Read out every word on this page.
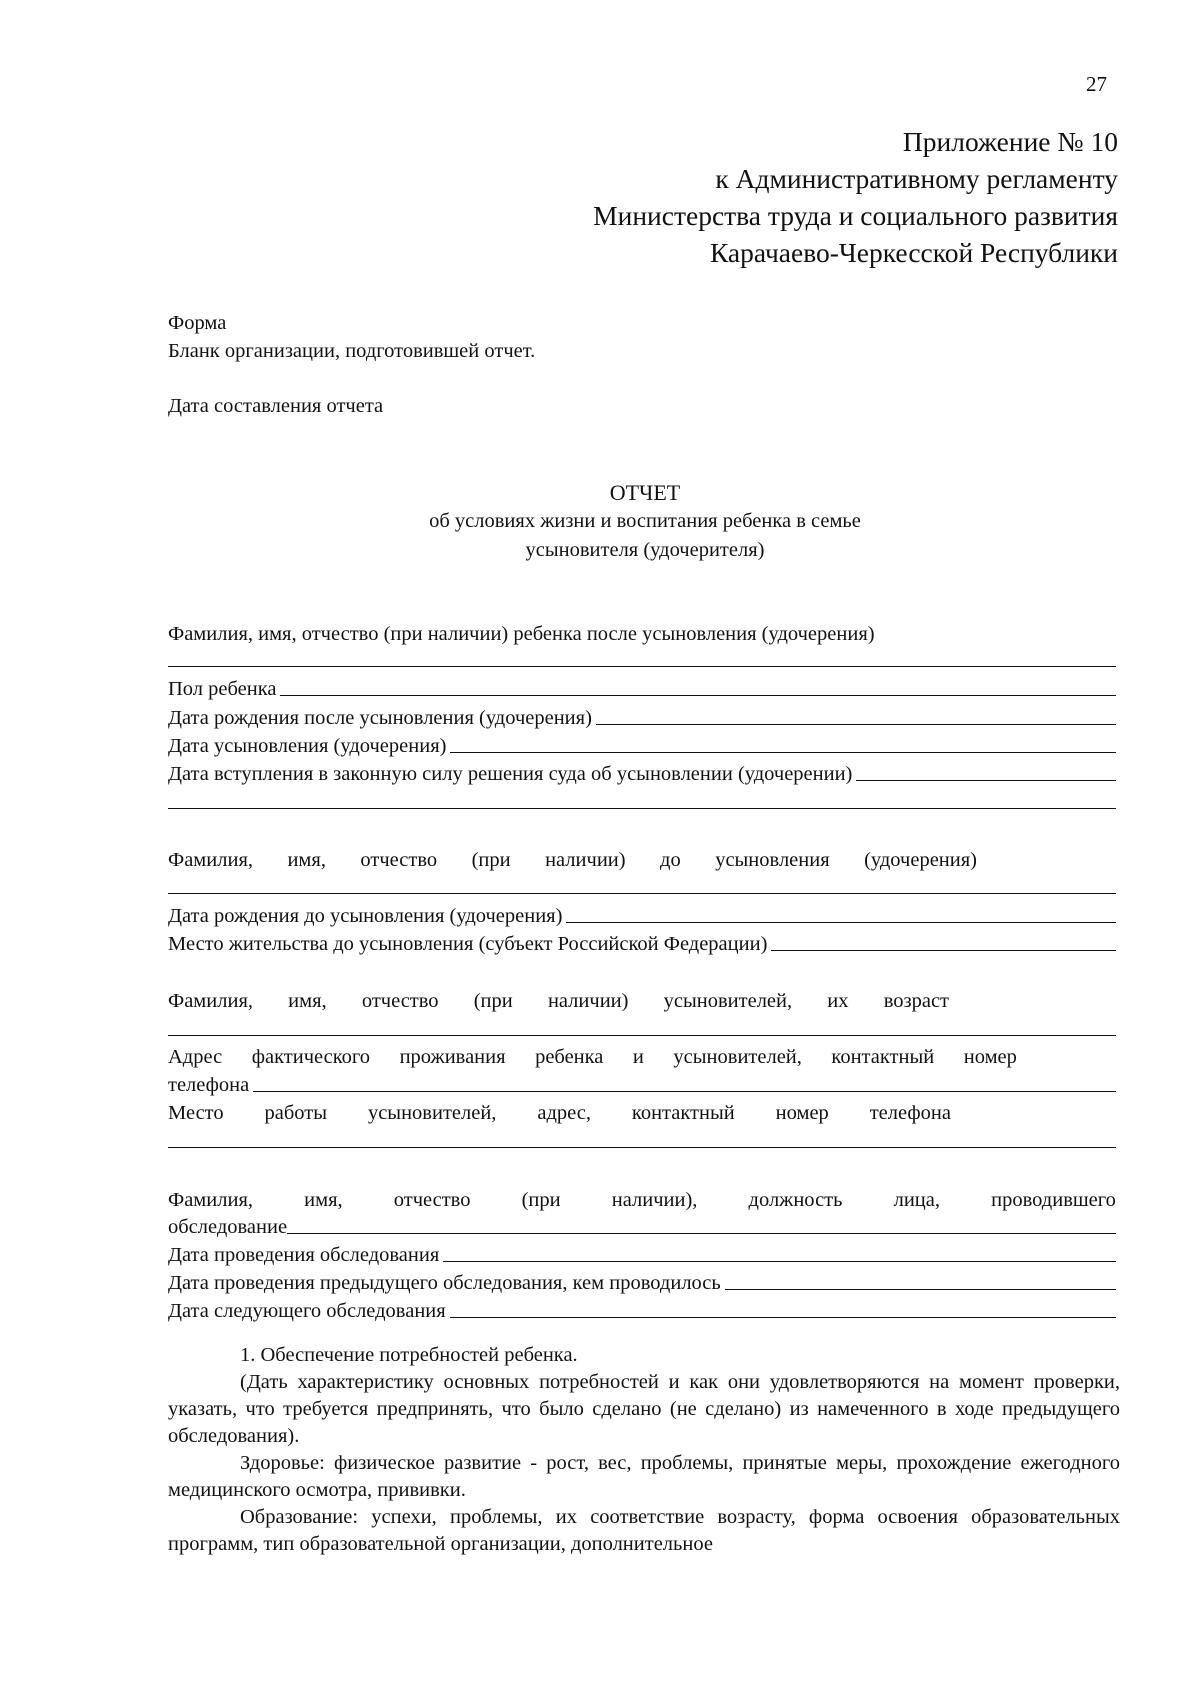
27
Приложение № 10
к Административному регламенту
Министерства труда и социального развития
Карачаево-Черкесской Республики
Форма
Бланк организации, подготовившей отчет.
Дата составления отчета
ОТЧЕТ
об условиях жизни и воспитания ребенка в семье
усыновителя (удочерителя)
Фамилия, имя, отчество (при наличии) ребенка после усыновления (удочерения)
Пол ребенка
Дата рождения после усыновления (удочерения)
Дата усыновления (удочерения)
Дата вступления в законную силу решения суда об усыновлении (удочерении)
Фамилия, имя, отчество (при наличии) до усыновления (удочерения)
Дата рождения до усыновления (удочерения)
Место жительства до усыновления (субъект Российской Федерации)
Фамилия, имя, отчество (при наличии) усыновителей, их возраст
Адрес фактического проживания ребенка и усыновителей, контактный номер
телефона
Место работы усыновителей, адрес, контактный номер телефона
Фамилия, имя, отчество (при наличии), должность лица, проводившего
обследование
Дата проведения обследования
Дата проведения предыдущего обследования, кем проводилось
Дата следующего обследования

1. Обеспечение потребностей ребенка.

(Дать характеристику основных потребностей и как они удовлетворяются на момент проверки, указать, что требуется предпринять, что было сделано (не сделано) из намеченного в ходе предыдущего обследования).

Здоровье: физическое развитие - рост, вес, проблемы, принятые меры, прохождение ежегодного медицинского осмотра, прививки.

Образование: успехи, проблемы, их соответствие возрасту, форма освоения образовательных программ, тип образовательной организации, дополнительное
